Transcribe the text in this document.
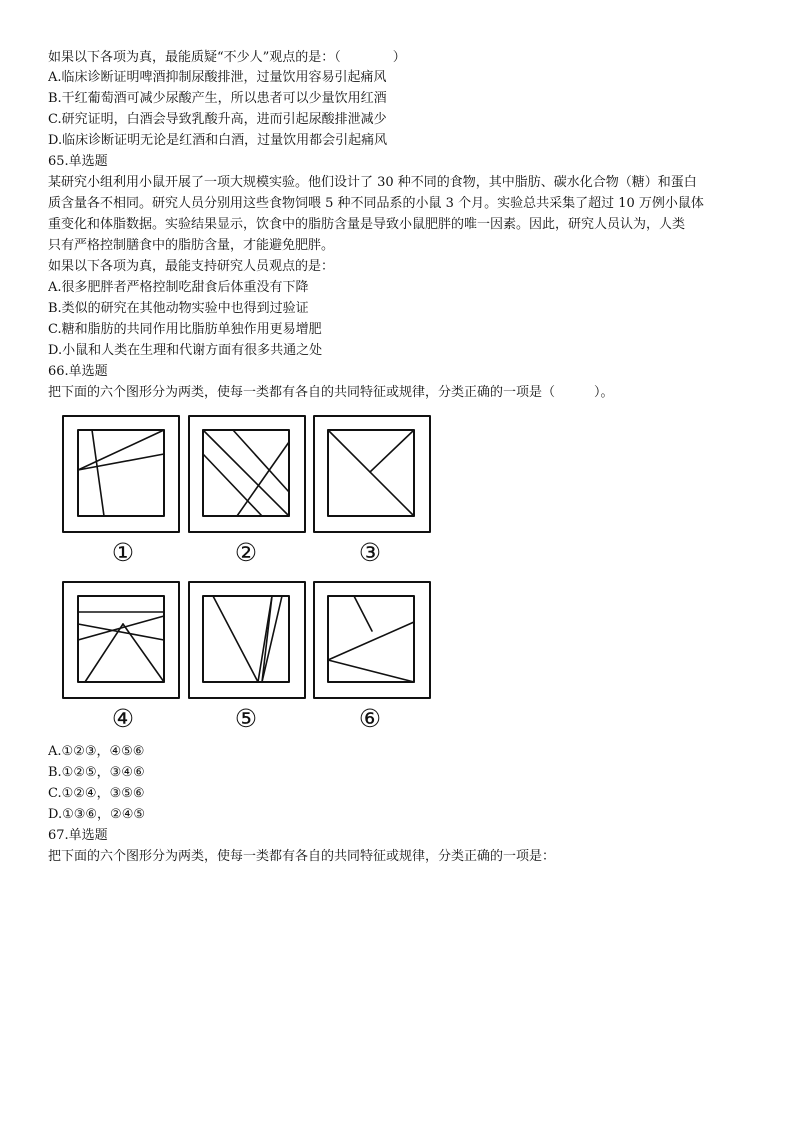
如果以下各项为真，最能质疑“不少人”观点的是：（　　　　）
A.临床诊断证明啤酒抑制尿酸排泄，过量饮用容易引起痛风
B.干红葡萄酒可减少尿酸产生，所以患者可以少量饮用红酒
C.研究证明，白酒会导致乳酸升高，进而引起尿酸排泄减少
D.临床诊断证明无论是红酒和白酒，过量饮用都会引起痛风
65.单选题
某研究小组利用小鼠开展了一项大规模实验。他们设计了 30 种不同的食物，其中脂肪、碳水化合物（糖）和蛋白
质含量各不相同。研究人员分别用这些食物饲喂 5 种不同品系的小鼠 3 个月。实验总共采集了超过 10 万例小鼠体
重变化和体脂数据。实验结果显示，饮食中的脂肪含量是导致小鼠肥胖的唯一因素。因此，研究人员认为，人类
只有严格控制膳食中的脂肪含量，才能避免肥胖。
如果以下各项为真，最能支持研究人员观点的是：
A.很多肥胖者严格控制吃甜食后体重没有下降
B.类似的研究在其他动物实验中也得到过验证
C.糖和脂肪的共同作用比脂肪单独作用更易增肥
D.小鼠和人类在生理和代谢方面有很多共通之处
66.单选题
把下面的六个图形分为两类，使每一类都有各自的共同特征或规律，分类正确的一项是（　　　）。
①	②	③
④	⑤	⑥
A.①②③，④⑤⑥
B.①②⑤，③④⑥
C.①②④，③⑤⑥
D.①③⑥，②④⑤
67.单选题
把下面的六个图形分为两类，使每一类都有各自的共同特征或规律，分类正确的一项是：
